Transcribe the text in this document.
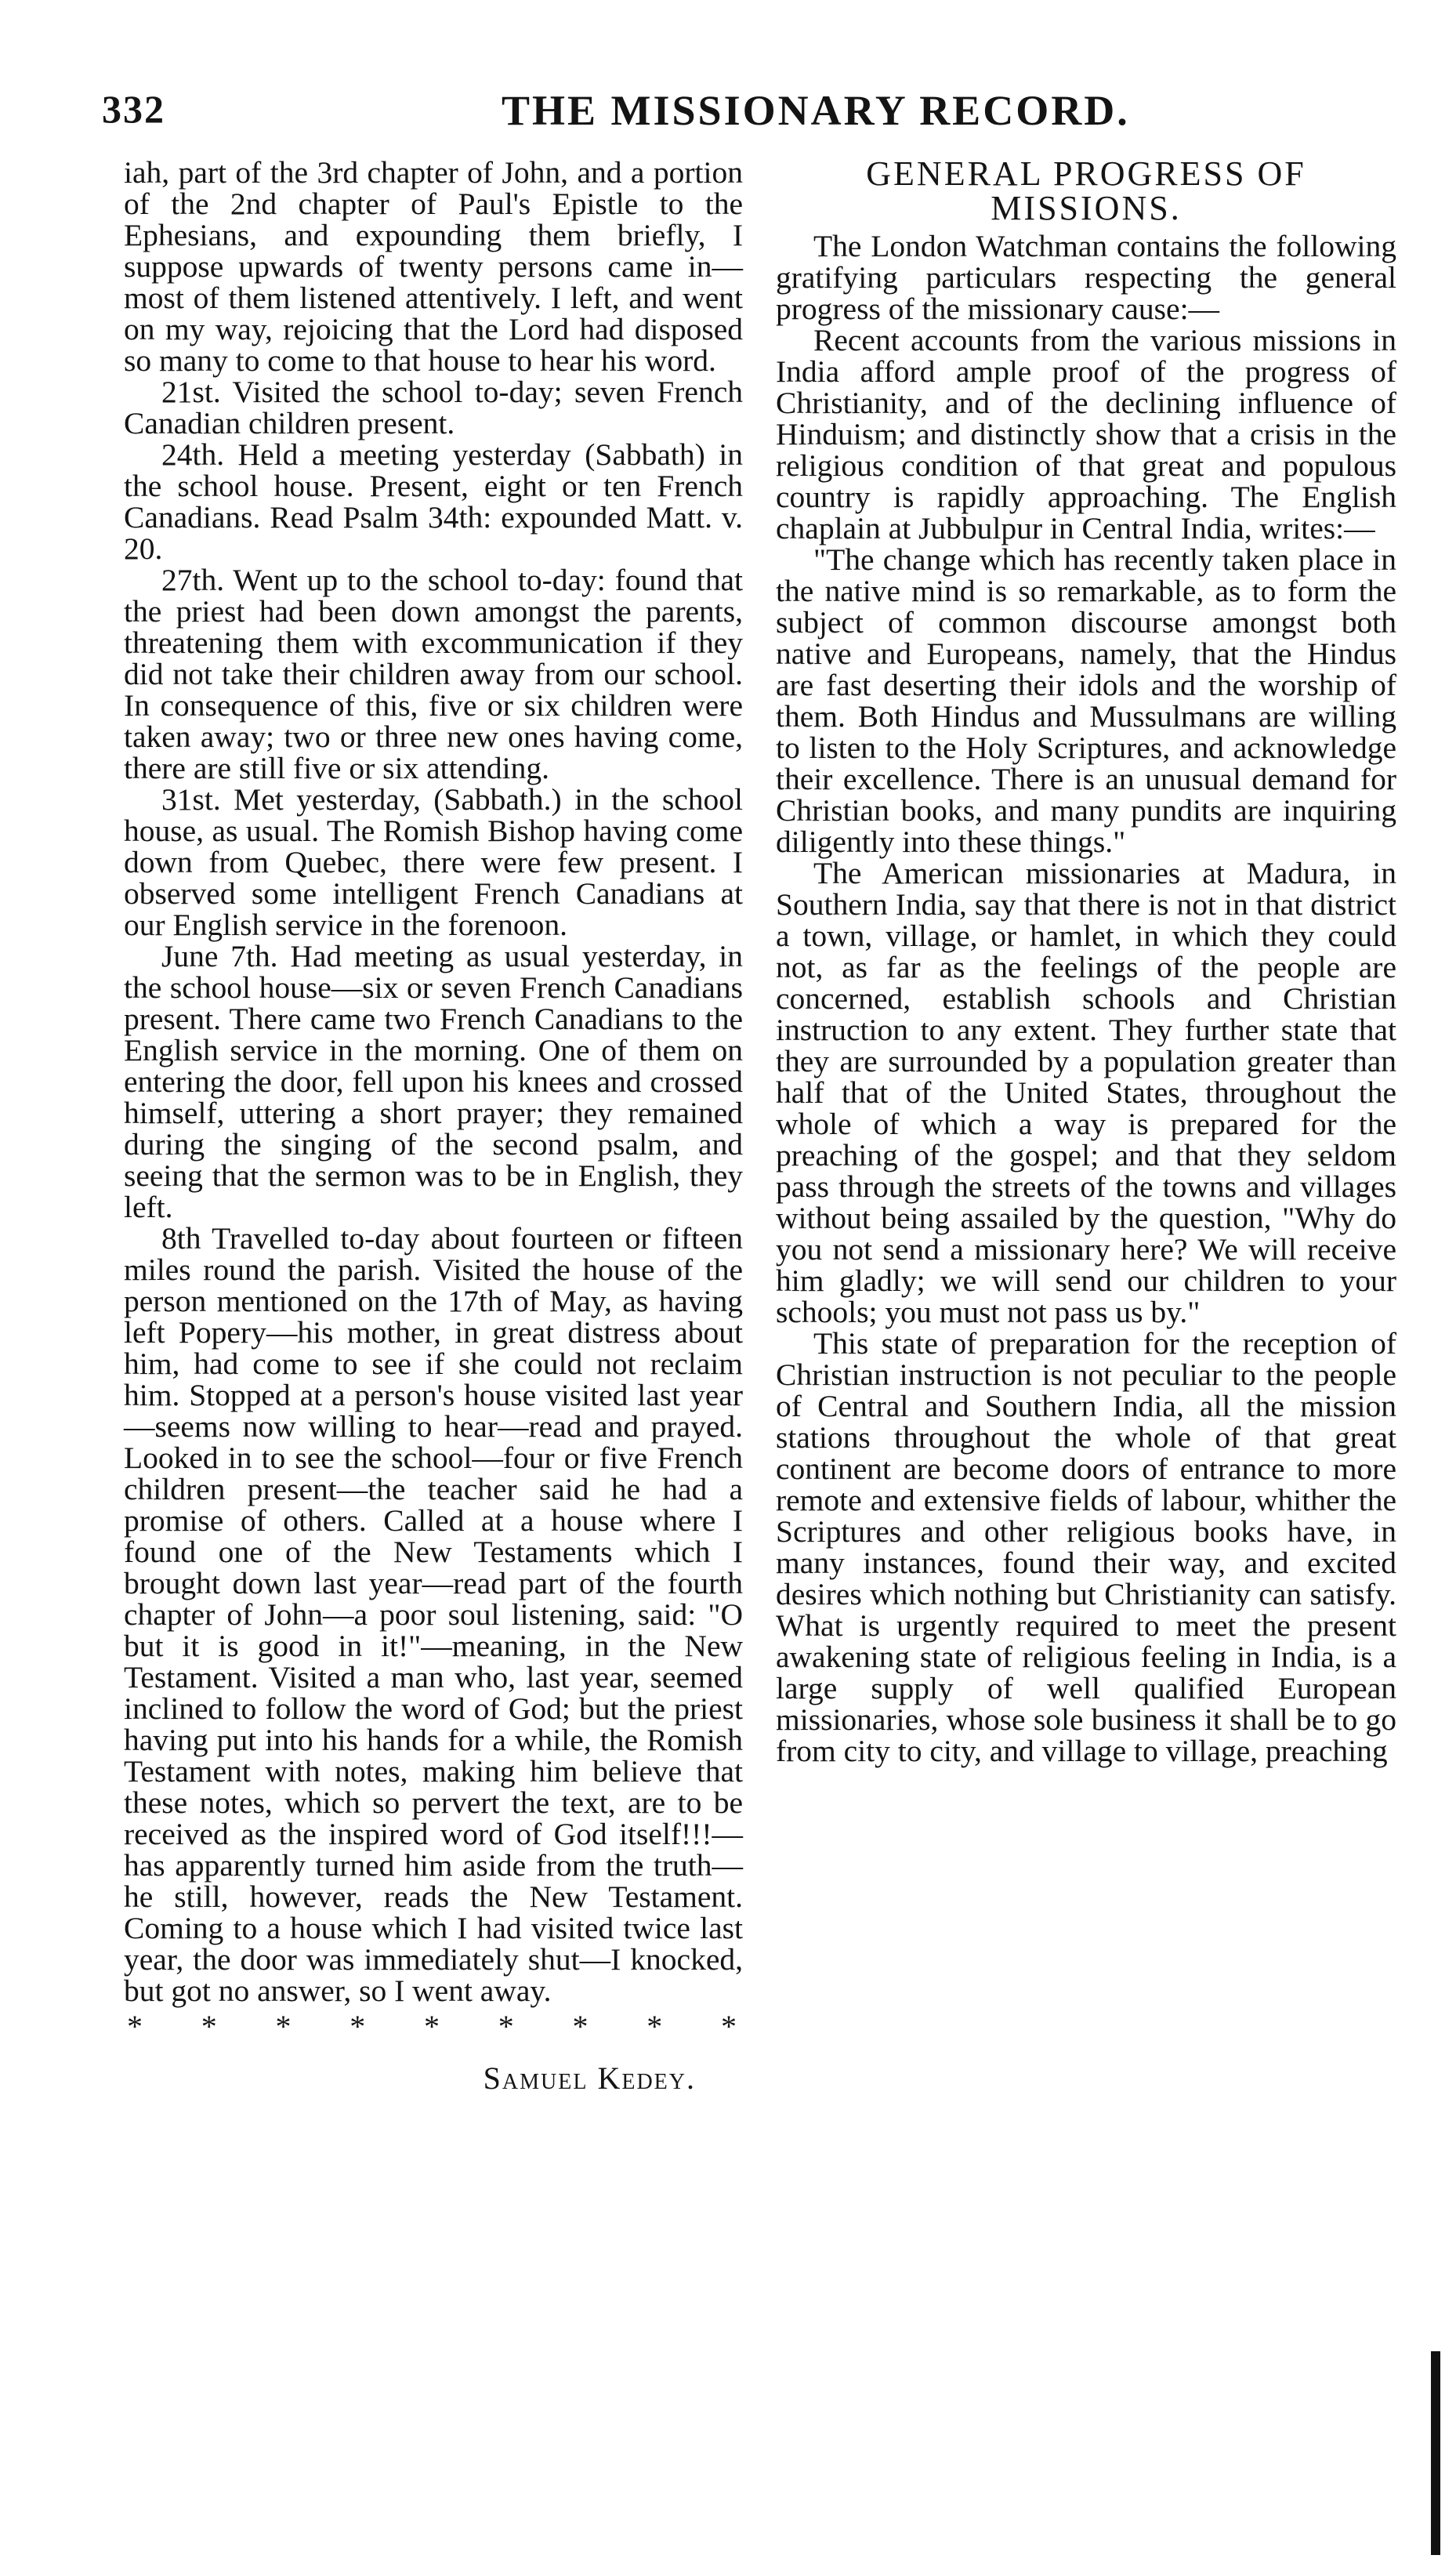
332	THE MISSIONARY RECORD.

iah, part of the 3rd chapter of John, and a portion of the 2nd chapter of Paul's Epistle to the Ephesians, and expounding them briefly, I suppose upwards of twenty persons came in—most of them listened attentively. I left, and went on my way, rejoicing that the Lord had disposed so many to come to that house to hear his word.

21st. Visited the school to-day; seven French Canadian children present.

24th. Held a meeting yesterday (Sabbath) in the school house. Present, eight or ten French Canadians. Read Psalm 34th: expounded Matt. v. 20.

27th. Went up to the school to-day: found that the priest had been down amongst the parents, threatening them with excommunication if they did not take their children away from our school. In consequence of this, five or six children were taken away; two or three new ones having come, there are still five or six attending.

31st. Met yesterday, (Sabbath.) in the school house, as usual. The Romish Bishop having come down from Quebec, there were few present. I observed some intelligent French Canadians at our English service in the forenoon.

June 7th. Had meeting as usual yesterday, in the school house—six or seven French Canadians present. There came two French Canadians to the English service in the morning. One of them on entering the door, fell upon his knees and crossed himself, uttering a short prayer; they remained during the singing of the second psalm, and seeing that the sermon was to be in English, they left.

8th Travelled to-day about fourteen or fifteen miles round the parish. Visited the house of the person mentioned on the 17th of May, as having left Popery—his mother, in great distress about him, had come to see if she could not reclaim him. Stopped at a person's house visited last year—seems now willing to hear—read and prayed. Looked in to see the school—four or five French children present—the teacher said he had a promise of others. Called at a house where I found one of the New Testaments which I brought down last year—read part of the fourth chapter of John—a poor soul listening, said: "O but it is good in it!"—meaning, in the New Testament. Visited a man who, last year, seemed inclined to follow the word of God; but the priest having put into his hands for a while, the Romish Testament with notes, making him believe that these notes, which so pervert the text, are to be received as the inspired word of God itself!!!—has apparently turned him aside from the truth—he still, however, reads the New Testament. Coming to a house which I had visited twice last year, the door was immediately shut—I knocked, but got no answer, so I went away.

* * * * * * * * *
Samuel Kedey.
GENERAL PROGRESS OF MISSIONS.

The London Watchman contains the following gratifying particulars respecting the general progress of the missionary cause:—

Recent accounts from the various missions in India afford ample proof of the progress of Christianity, and of the declining influence of Hinduism; and distinctly show that a crisis in the religious condition of that great and populous country is rapidly approaching. The English chaplain at Jubbulpur in Central India, writes:—

"The change which has recently taken place in the native mind is so remarkable, as to form the subject of common discourse amongst both native and Europeans, namely, that the Hindus are fast deserting their idols and the worship of them. Both Hindus and Mussulmans are willing to listen to the Holy Scriptures, and acknowledge their excellence. There is an unusual demand for Christian books, and many pundits are inquiring diligently into these things."

The American missionaries at Madura, in Southern India, say that there is not in that district a town, village, or hamlet, in which they could not, as far as the feelings of the people are concerned, establish schools and Christian instruction to any extent. They further state that they are surrounded by a population greater than half that of the United States, throughout the whole of which a way is prepared for the preaching of the gospel; and that they seldom pass through the streets of the towns and villages without being assailed by the question, "Why do you not send a missionary here? We will receive him gladly; we will send our children to your schools; you must not pass us by."

This state of preparation for the reception of Christian instruction is not peculiar to the people of Central and Southern India, all the mission stations throughout the whole of that great continent are become doors of entrance to more remote and extensive fields of labour, whither the Scriptures and other religious books have, in many instances, found their way, and excited desires which nothing but Christianity can satisfy. What is urgently required to meet the present awakening state of religious feeling in India, is a large supply of well qualified European missionaries, whose sole business it shall be to go from city to city, and village to village, preaching
